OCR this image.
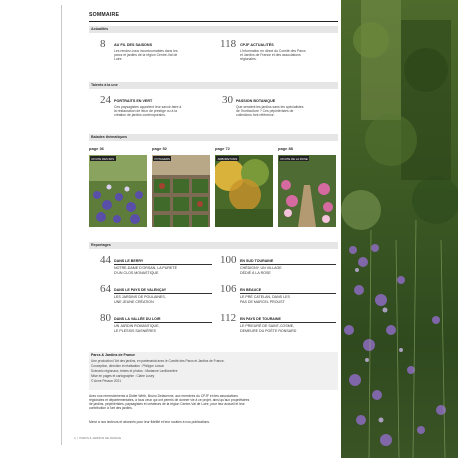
SOMMAIRE
Actualités
8 AU FIL DES SAISONS
Les rendez-vous incontournables dans les
parcs et jardins de la région Centre-Val de
Loire.
118 CPJF ACTUALITÉS
L'information en direct du Comité des Parcs
et Jardins de France et des associations
régionales.
Talents à la une
24 PORTRAITS EN VERT
Ces paysagistes apportent leur savoir-faire à
la restauration de lieux de prestige ou à la
création de jardins contemporains.
30 PASSION BOTANIQUE
Que seraient les jardins sans les spécialistes
de l'horticulture ? Ces pépiniéristes de
collections font référence.
Balades thématiques
page 36
ROUTE DES IRIS
page 52
POTAGERS
page 72
ARBORETUMS
page 88
ROUTE DE LA ROSE
Reportages
44 DANS LE BERRY
NOTRE-DAME D'ORSAN, LA PURETÉ
D'UN CLOS MONASTIQUE
100 EN SUD TOURAINE
CHÉDIGNY, UN VILLAGE
DÉDIÉ À LA ROSE
64 DANS LE PAYS DE VALENÇAY
LES JARDINS DE POULAINES,
UNE JEUNE CRÉATION
106 EN BEAUCE
LE PRÉ CATELAN, DANS LES
PAS DE MARCEL PROUST
80 DANS LA VALLÉE DU LOIR
UN JARDIN ROMANTIQUE,
LE PLESSIS SASNIÈRES
112 EN PAYS DE TOURAINE
LE PRIEURÉ DE SAINT-COSME,
DEMEURE DU POÈTE RONSARD
Parcs & Jardins de France
Une production l'Art des jardins, en partenariat avec le Comité des Parcs et Jardins de France.
Conception, direction et réalisation : Philippe Loison
Scénario régionaux, textes et photos : Marianne Lavillonnière
Mise en pages et cartographie : Claire Lusey
© Anne Pesson 2021
Avec nos remerciements à Didier Wirth, Bruno Delavenne, aux membres du CPJF et des associations
régionales et départementales, à tous ceux qui ont permis de donner vie à ce projet, ainsi qu'aux propriétaires
de jardins, pépiniéristes, paysagistes et créateurs de la région Centre-Val de Loire, pour leur accueil et leur
contribution à l'art des jardins.
Merci à nos lecteurs et abonnés pour leur fidélité et leur soutien à nos publications.
4  |  PARCS & JARDINS DE FRANCE
